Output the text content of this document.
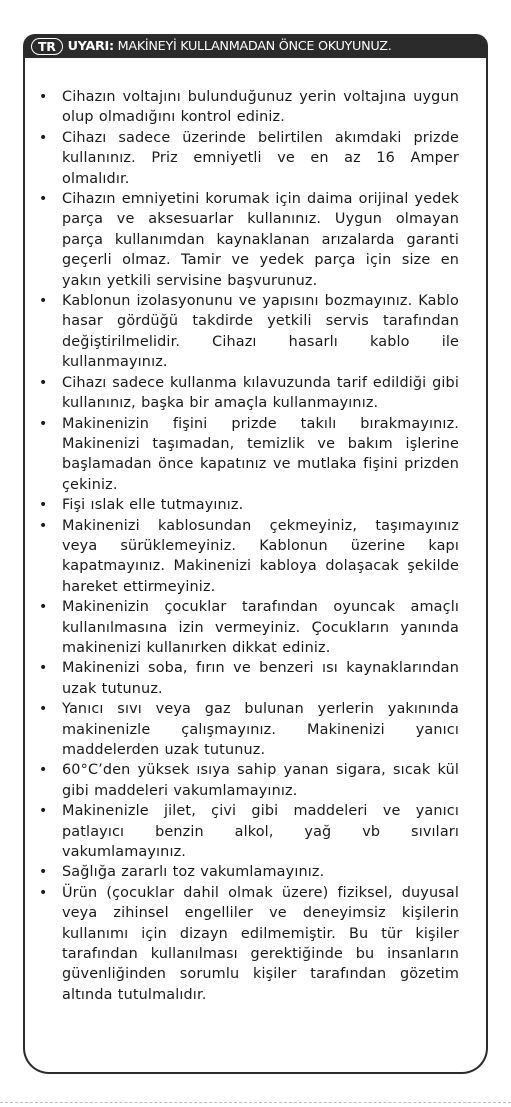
TR UYARI: MAKİNEYİ KULLANMADAN ÖNCE OKUYUNUZ.
• Cihazın voltajını bulunduğunuz yerin voltajına uygun olup olmadığını kontrol ediniz.
• Cihazı sadece üzerinde belirtilen akımdaki prizde kullanınız. Priz emniyetli ve en az 16 Amper olmalıdır.
• Cihazın emniyetini korumak için daima orijinal yedek parça ve aksesuarlar kullanınız. Uygun olmayan parça kullanımdan kaynaklanan arızalarda garanti geçerli olmaz. Tamir ve yedek parça için size en yakın yetkili servisine başvurunuz.
• Kablonun izolasyonunu ve yapısını bozmayınız. Kablo hasar gördüğü takdirde yetkili servis tarafından değiştirilmelidir. Cihazı hasarlı kablo ile kullanmayınız.
• Cihazı sadece kullanma kılavuzunda tarif edildiği gibi kullanınız, başka bir amaçla kullanmayınız.
• Makinenizin fişini prizde takılı bırakmayınız. Makinenizi taşımadan, temizlik ve bakım işlerine başlamadan önce kapatınız ve mutlaka fişini prizden çekiniz.
• Fişi ıslak elle tutmayınız.
• Makinenizi kablosundan çekmeyiniz, taşımayınız veya sürüklemeyiniz. Kablonun üzerine kapı kapatmayınız. Makinenizi kabloya dolaşacak şekilde hareket ettirmeyiniz.
• Makinenizin çocuklar tarafından oyuncak amaçlı kullanılmasına izin vermeyiniz. Çocukların yanında makinenizi kullanırken dikkat ediniz.
• Makinenizi soba, fırın ve benzeri ısı kaynaklarından uzak tutunuz.
• Yanıcı sıvı veya gaz bulunan yerlerin yakınında makinenizle çalışmayınız. Makinenizi yanıcı maddelerden uzak tutunuz.
• 60°C’den yüksek ısıya sahip yanan sigara, sıcak kül gibi maddeleri vakumlamayınız.
• Makinenizle jilet, çivi gibi maddeleri ve yanıcı patlayıcı benzin alkol, yağ vb sıvıları vakumlamayınız.
• Sağlığa zararlı toz vakumlamayınız.
• Ürün (çocuklar dahil olmak üzere) fiziksel, duyusal veya zihinsel engelliler ve deneyimsiz kişilerin kullanımı için dizayn edilmemiştir. Bu tür kişiler tarafından kullanılması gerektiğinde bu insanların güvenliğinden sorumlu kişiler tarafından gözetim altında tutulmalıdır.
